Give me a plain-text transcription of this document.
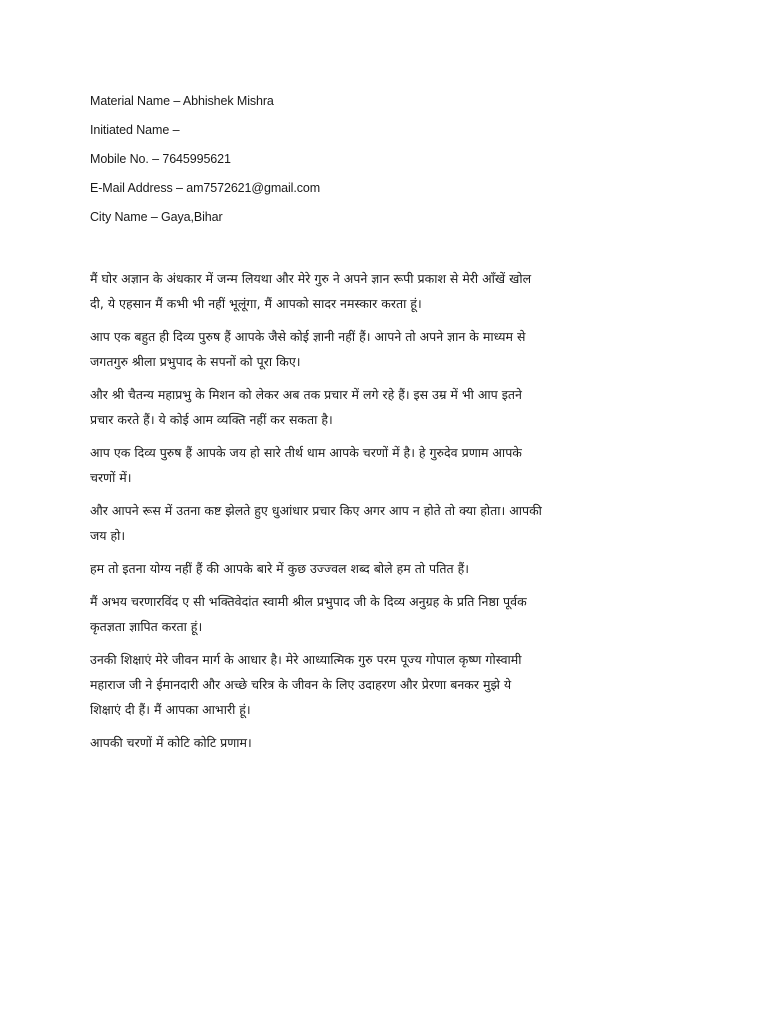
Material Name – Abhishek Mishra
Initiated Name –
Mobile No. – 7645995621
E-Mail Address – am7572621@gmail.com
City Name – Gaya,Bihar
मैं घोर अज्ञान के अंधकार में जन्म लियथा और मेरे गुरु ने अपने ज्ञान रूपी प्रकाश से मेरी आँखें खोल
दी, ये एहसान मैं कभी भी नहीं भूलूंगा, मैं आपको सादर नमस्कार करता हूं।
आप एक बहुत ही दिव्य पुरुष हैं आपके जैसे कोई ज्ञानी नहीं हैं। आपने तो अपने ज्ञान के माध्यम से
जगतगुरु श्रीला प्रभुपाद के सपनों को पूरा किए।
और श्री चैतन्य महाप्रभु के मिशन को लेकर अब तक प्रचार में लगे रहे हैं। इस उम्र में भी आप इतने
प्रचार करते हैं। ये कोई आम व्यक्ति नहीं कर सकता है।
आप एक दिव्य पुरुष हैं आपके जय हो सारे तीर्थ धाम आपके चरणों में है। हे गुरुदेव प्रणाम आपके
चरणों में।
और आपने रूस में उतना कष्ट झेलते हुए धुआंधार प्रचार किए अगर आप न होते तो क्या होता। आपकी
जय हो।
हम तो इतना योग्य नहीं हैं की आपके बारे में कुछ उज्ज्वल शब्द बोले हम तो पतित हैं।
मैं अभय चरणारविंद ए सी भक्तिवेदांत स्वामी श्रील प्रभुपाद जी के दिव्य अनुग्रह के प्रति निष्ठा पूर्वक
कृतज्ञता ज्ञापित करता हूं।
उनकी शिक्षाएं मेरे जीवन मार्ग के आधार है। मेरे आध्यात्मिक गुरु परम पूज्य गोपाल कृष्ण गोस्वामी
महाराज जी ने ईमानदारी और अच्छे चरित्र के जीवन के लिए उदाहरण और प्रेरणा बनकर मुझे ये
शिक्षाएं दी हैं। मैं आपका आभारी हूं।
आपकी चरणों में कोटि कोटि प्रणाम।
